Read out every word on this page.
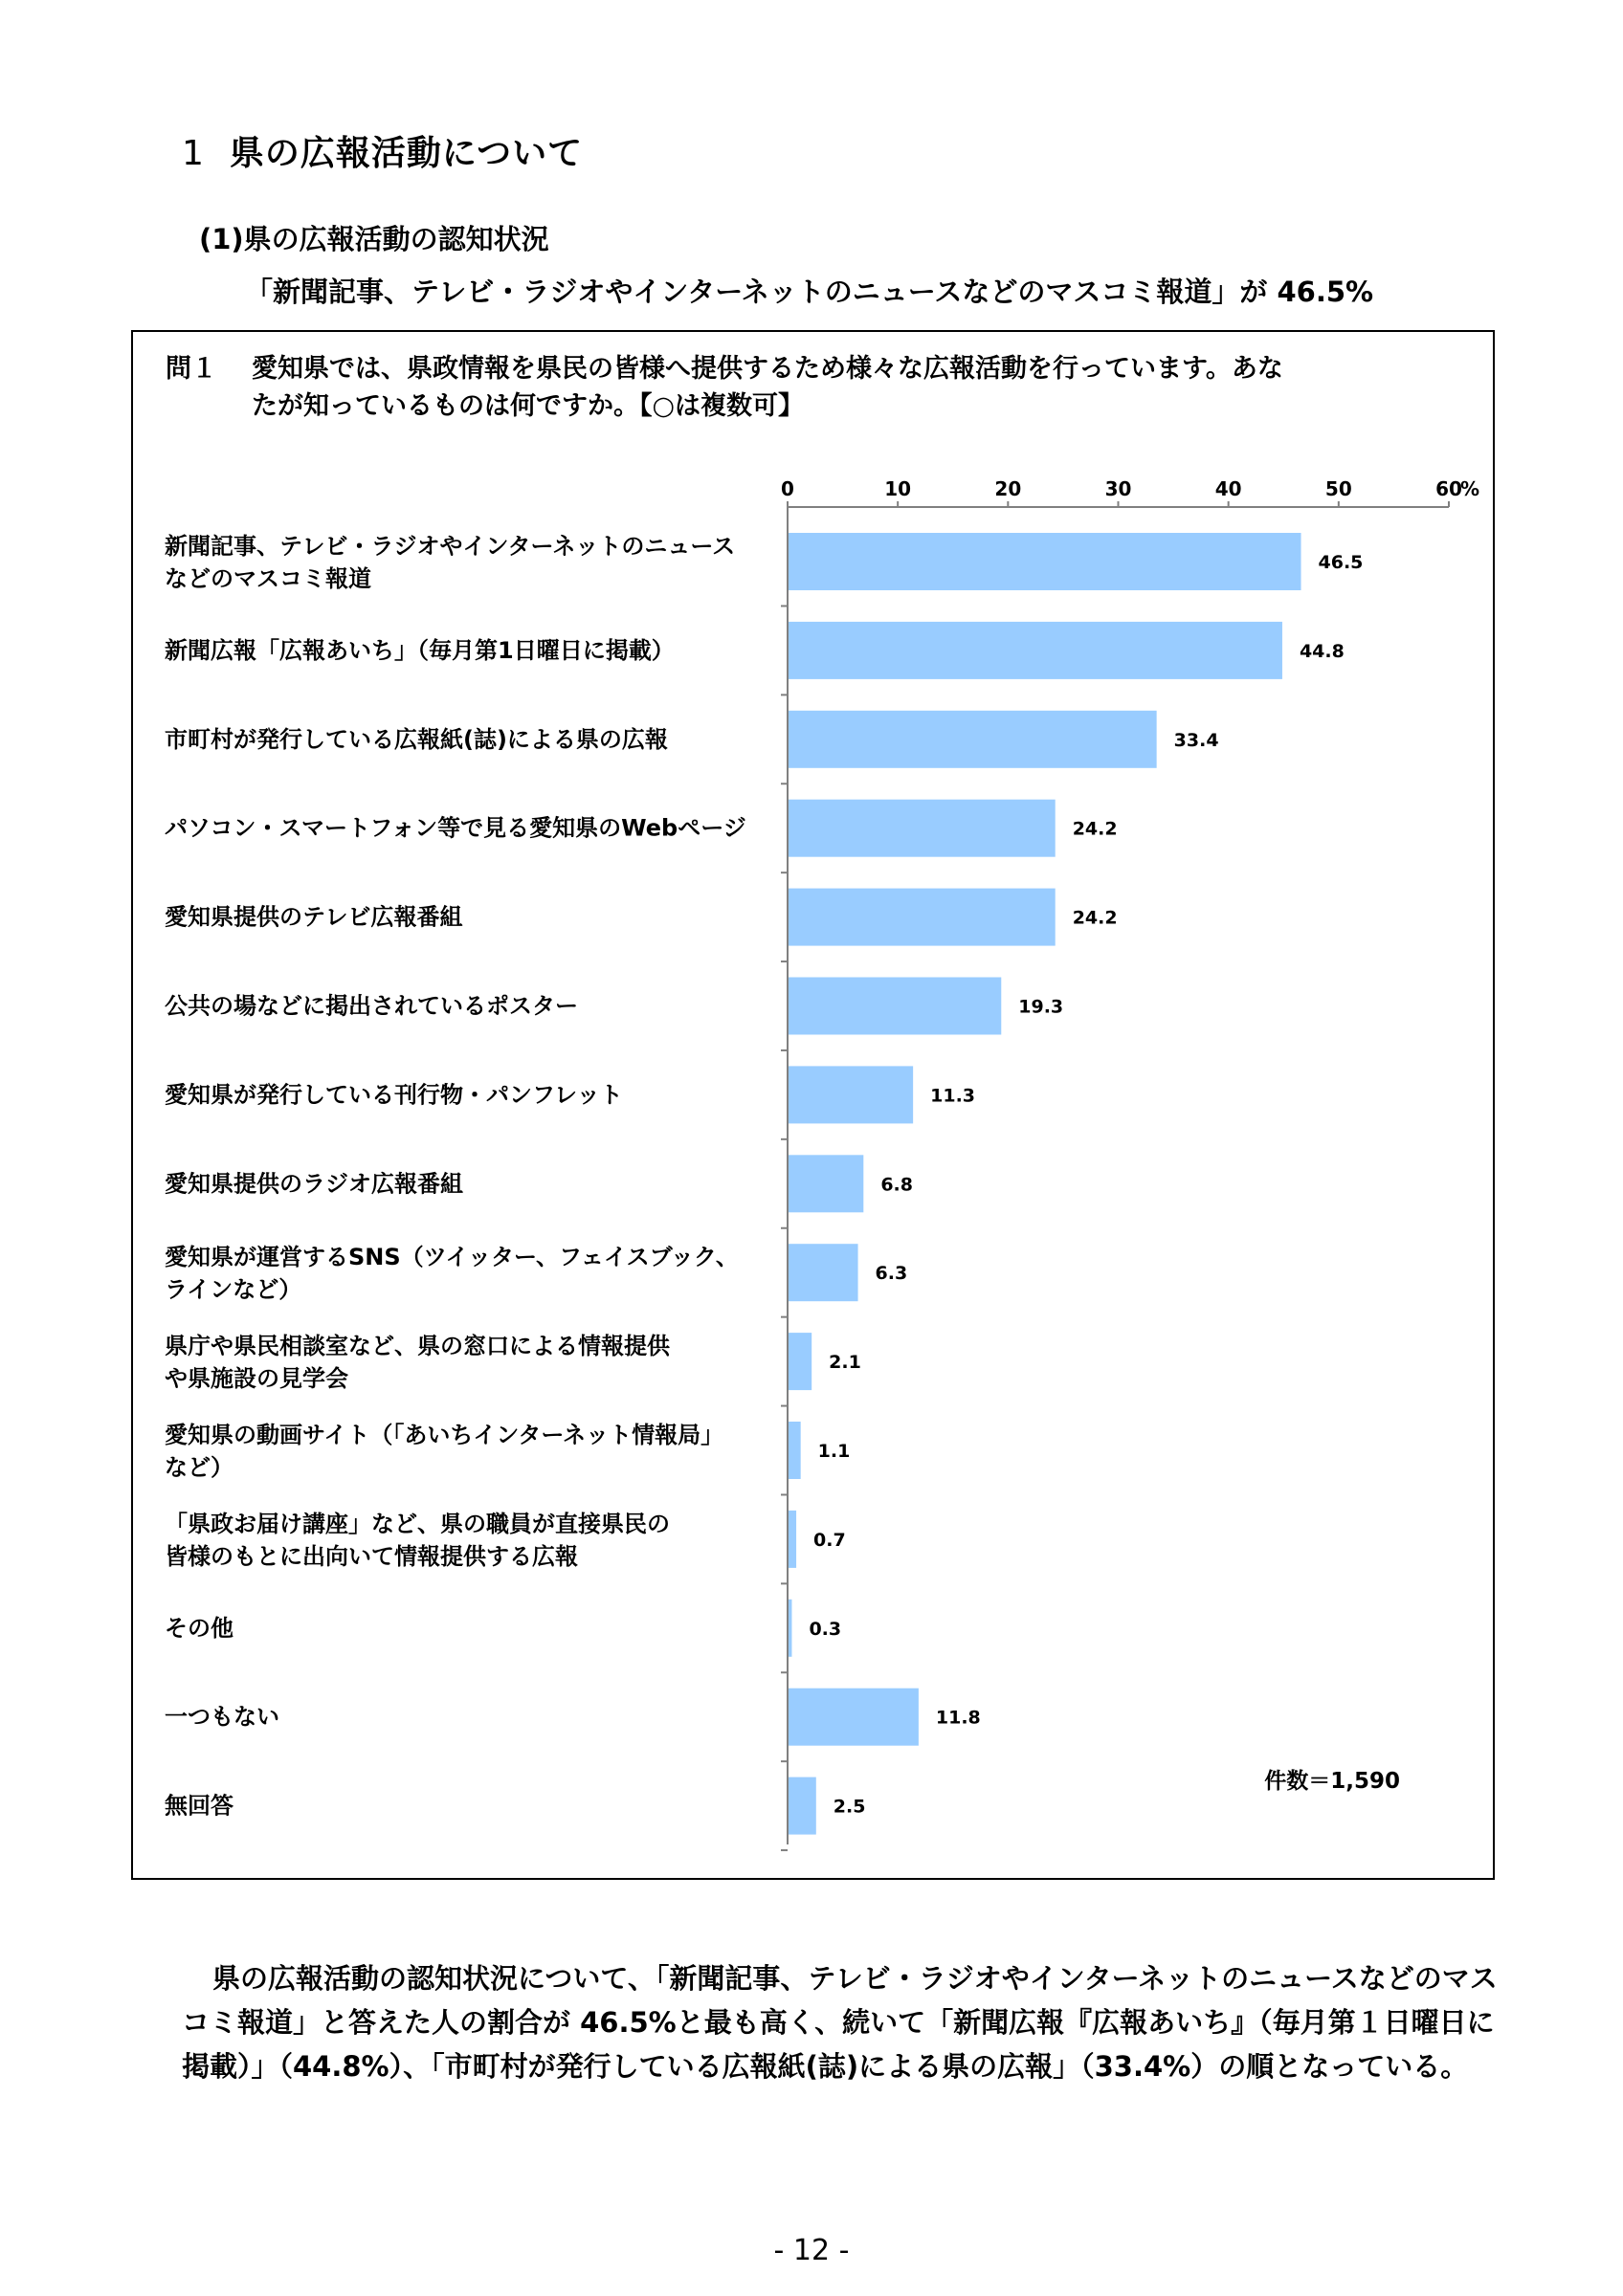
1 県の広報活動について
(1)県の広報活動の認知状況
「新聞記事、テレビ・ラジオやインターネットのニュースなどのマスコミ報道」が 46.5%
問１ 愛知県では、県政情報を県民の皆様へ提供するため様々な広報活動を行っています。あな
たが知っているものは何ですか。【○は複数可】
0	10	20	30	40	50	60
%
46.5
新聞記事、テレビ・ラジオやインターネットのニュース
などのマスコミ報道
44.8
新聞広報「広報あいち」（毎月第1日曜日に掲載）
33.4
市町村が発行している広報紙(誌)による県の広報
24.2
パソコン・スマートフォン等で見る愛知県のWebページ
24.2
愛知県提供のテレビ広報番組
19.3
公共の場などに掲出されているポスター
11.3
愛知県が発行している刊行物・パンフレット
6.8
愛知県提供のラジオ広報番組
6.3
愛知県が運営するSNS（ツイッター、フェイスブック、
ラインなど）
2.1
県庁や県民相談室など、県の窓口による情報提供
や県施設の見学会
1.1
愛知県の動画サイト（「あいちインターネット情報局」
など）
0.7
「県政お届け講座」など、県の職員が直接県民の
皆様のもとに出向いて情報提供する広報
0.3
その他
11.8
一つもない
2.5
無回答
件数＝1,590
県の広報活動の認知状況について、「新聞記事、テレビ・ラジオやインターネットのニュースなどのマスコミ報道」と答えた人の割合が 46.5%と最も高く、続いて「新聞広報『広報あいち』（毎月第１日曜日に掲載）」（44.8%）、「市町村が発行している広報紙(誌)による県の広報」（33.4%）の順となっている。
- 12 -
